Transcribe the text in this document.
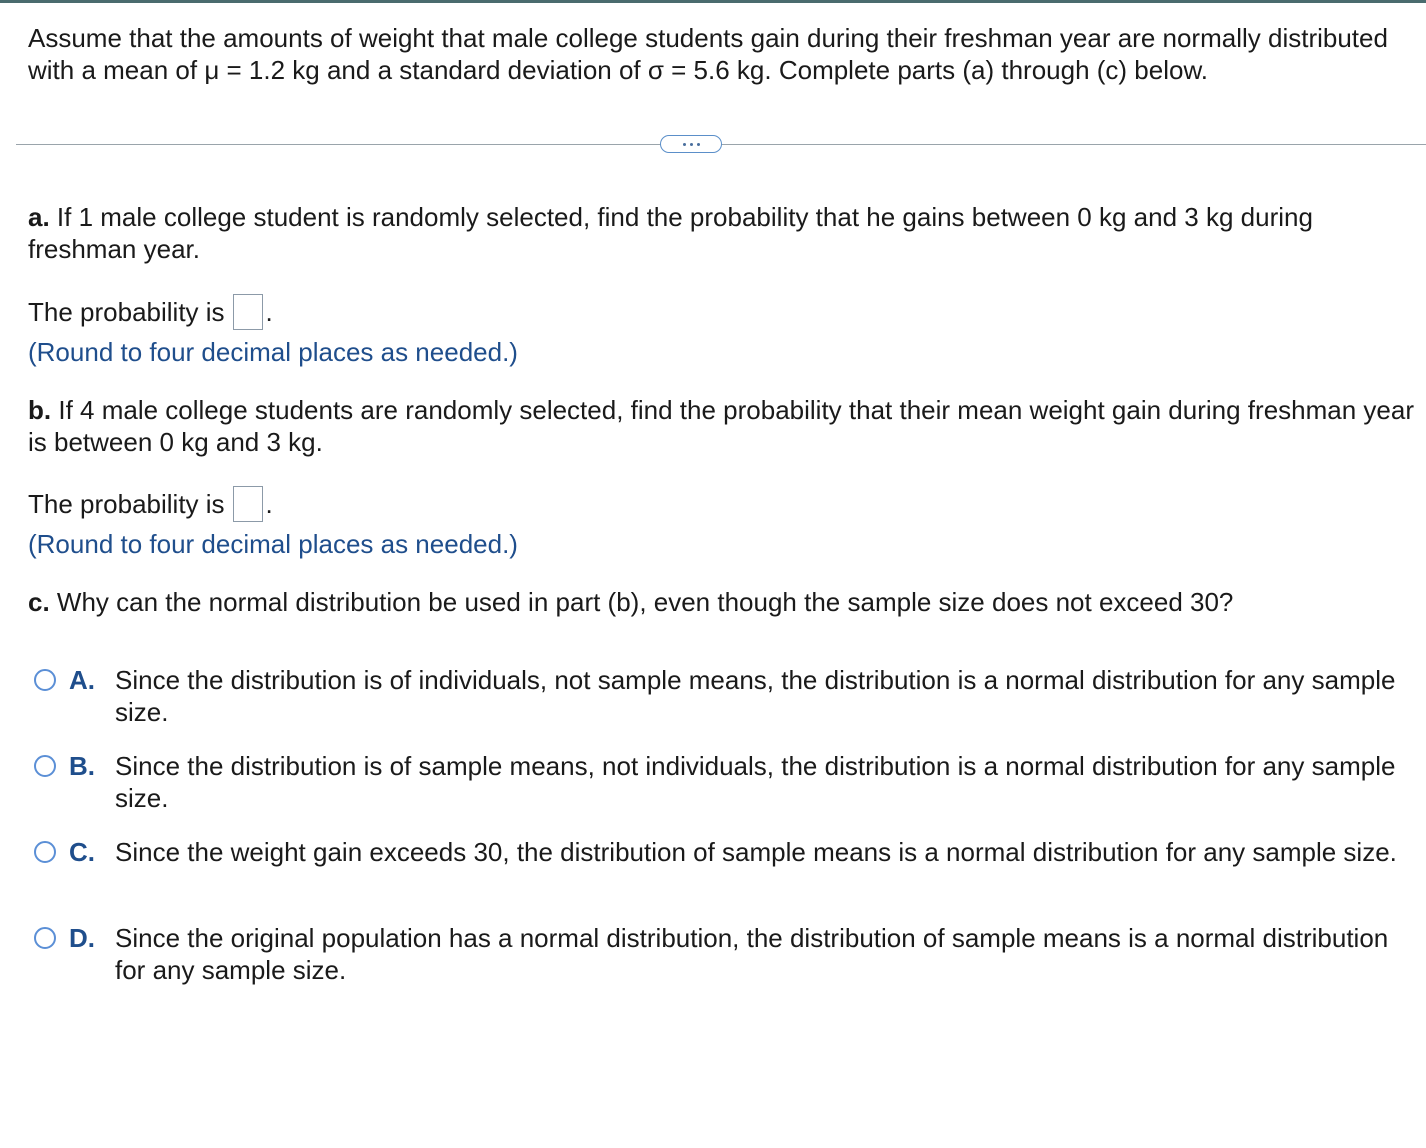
Assume that the amounts of weight that male college students gain during their freshman year are normally distributed with a mean of μ = 1.2 kg and a standard deviation of σ = 5.6 kg. Complete parts (a) through (c) below.
a. If 1 male college student is randomly selected, find the probability that he gains between 0 kg and 3 kg during freshman year.
The probability is .
(Round to four decimal places as needed.)
b. If 4 male college students are randomly selected, find the probability that their mean weight gain during freshman year is between 0 kg and 3 kg.
The probability is .
(Round to four decimal places as needed.)
c. Why can the normal distribution be used in part (b), even though the sample size does not exceed 30?
A. Since the distribution is of individuals, not sample means, the distribution is a normal distribution for any sample size.
B. Since the distribution is of sample means, not individuals, the distribution is a normal distribution for any sample size.
C. Since the weight gain exceeds 30, the distribution of sample means is a normal distribution for any sample size.
D. Since the original population has a normal distribution, the distribution of sample means is a normal distribution for any sample size.
